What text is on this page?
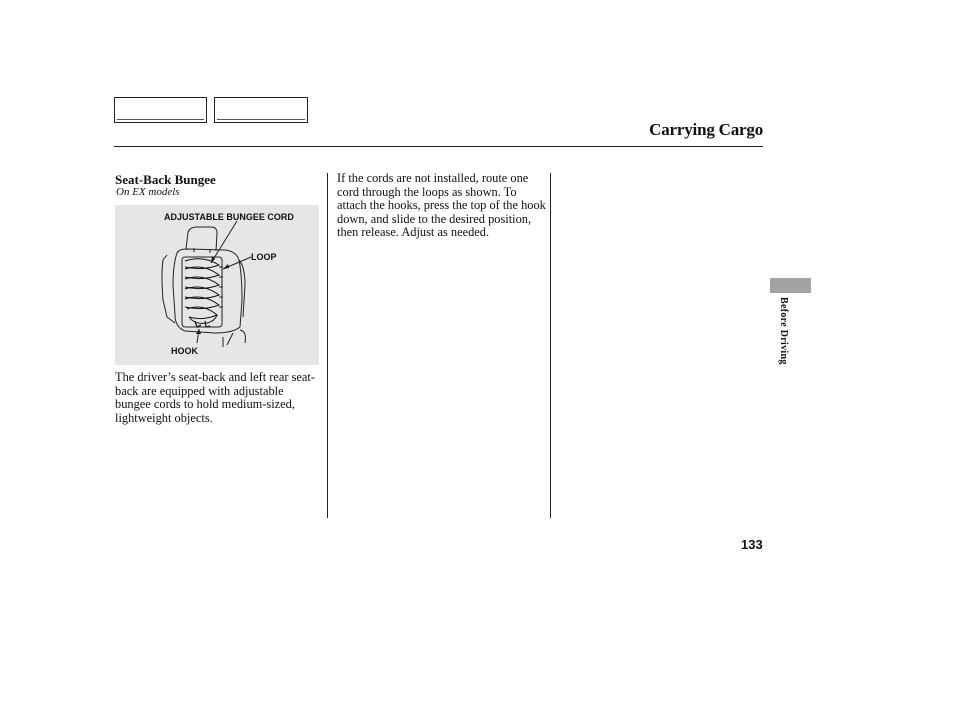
Carrying Cargo
Seat-Back Bungee
On EX models
ADJUSTABLE BUNGEE CORD
LOOP
HOOK
The driver’s seat-back and left rear seat-back are equipped with adjustable bungee cords to hold medium-sized, lightweight objects.
If the cords are not installed, route one cord through the loops as shown. To attach the hooks, press the top of the hook down, and slide to the desired position, then release. Adjust as needed.
Before Driving
133
